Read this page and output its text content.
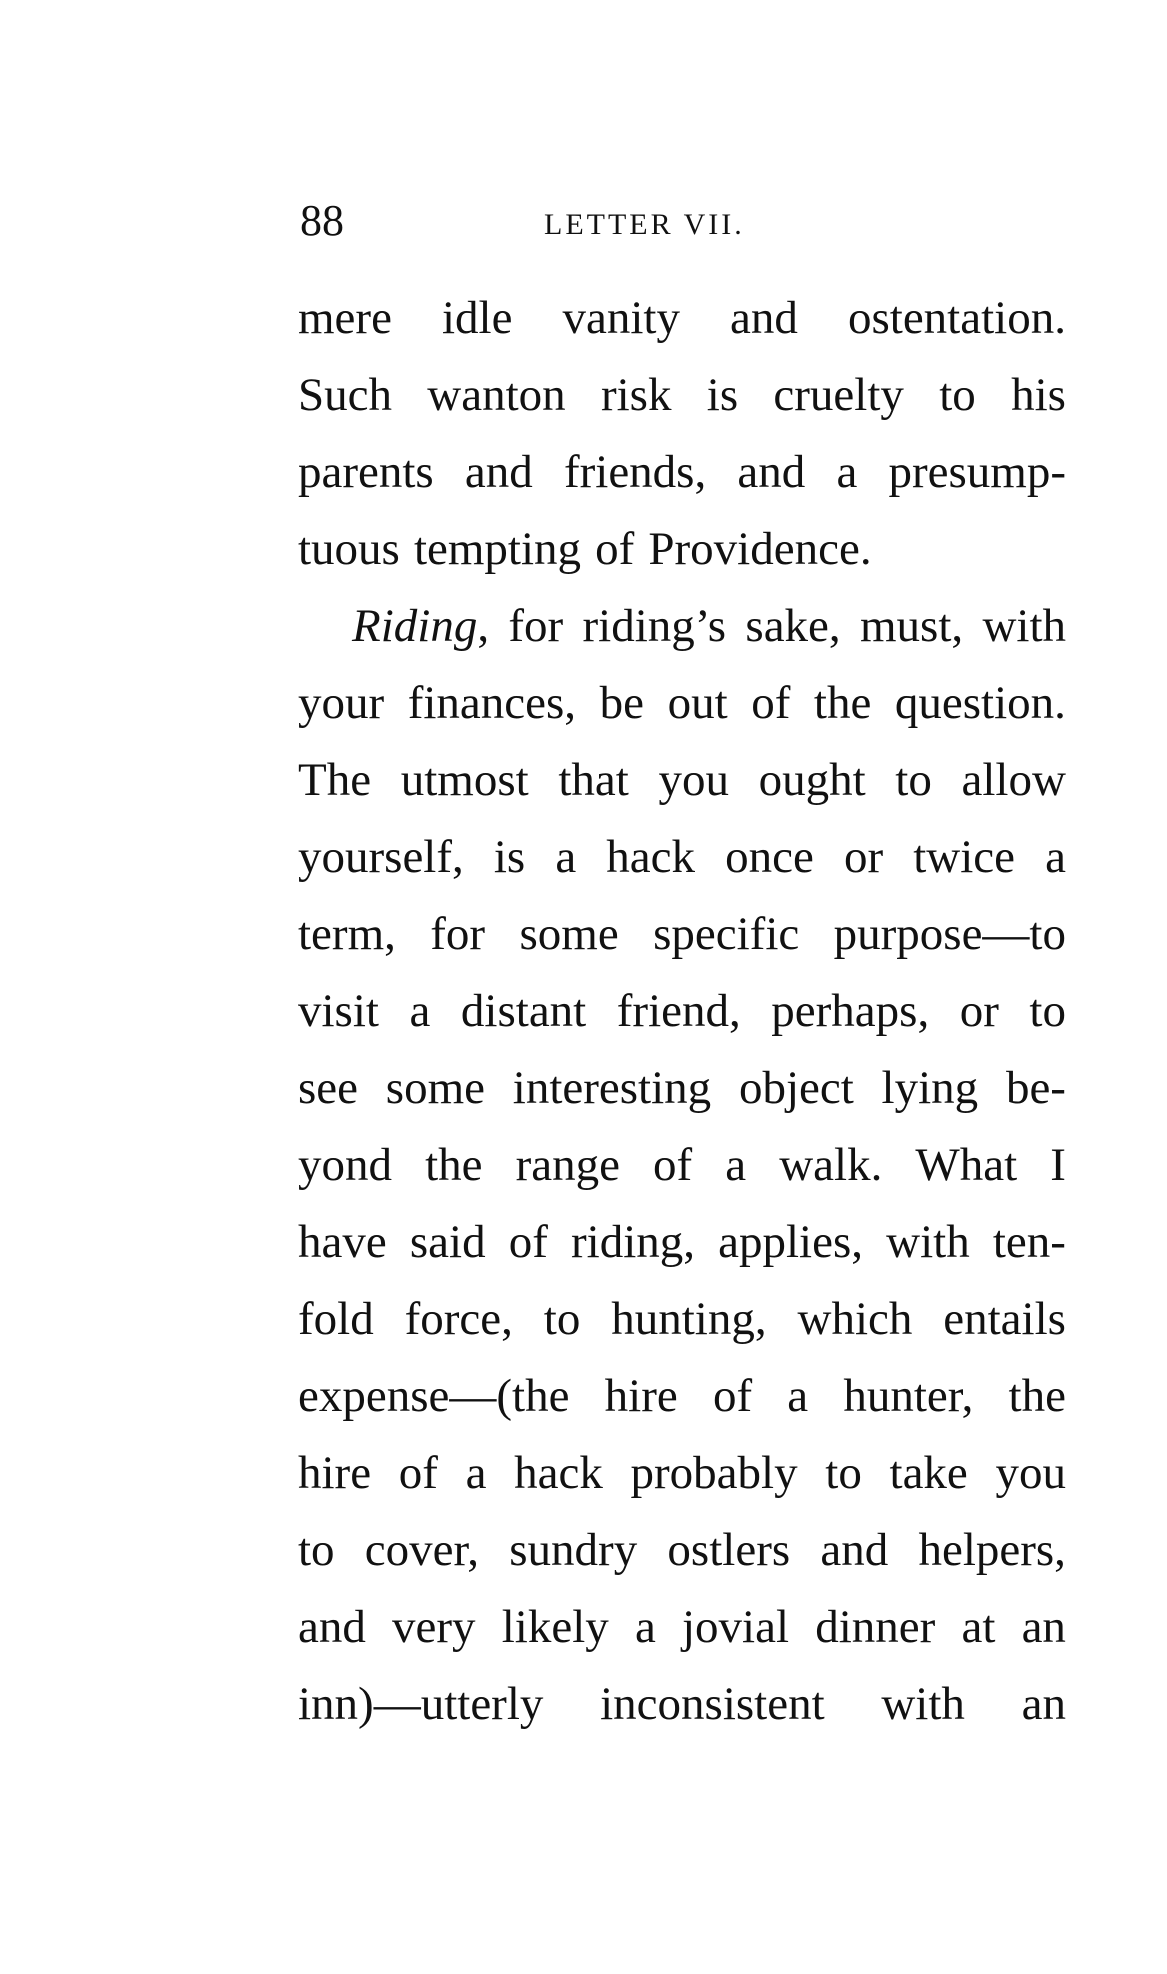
88	LETTER VII.
mere idle vanity and ostentation.
Such wanton risk is cruelty to his
parents and friends, and a presump-
tuous tempting of Providence.
Riding, for riding’s sake, must, with
your finances, be out of the question.
The utmost that you ought to allow
yourself, is a hack once or twice a
term, for some specific purpose—to
visit a distant friend, perhaps, or to
see some interesting object lying be-
yond the range of a walk. What I
have said of riding, applies, with ten-
fold force, to hunting, which entails
expense—(the hire of a hunter, the
hire of a hack probably to take you
to cover, sundry ostlers and helpers,
and very likely a jovial dinner at an
inn)—utterly inconsistent with an
